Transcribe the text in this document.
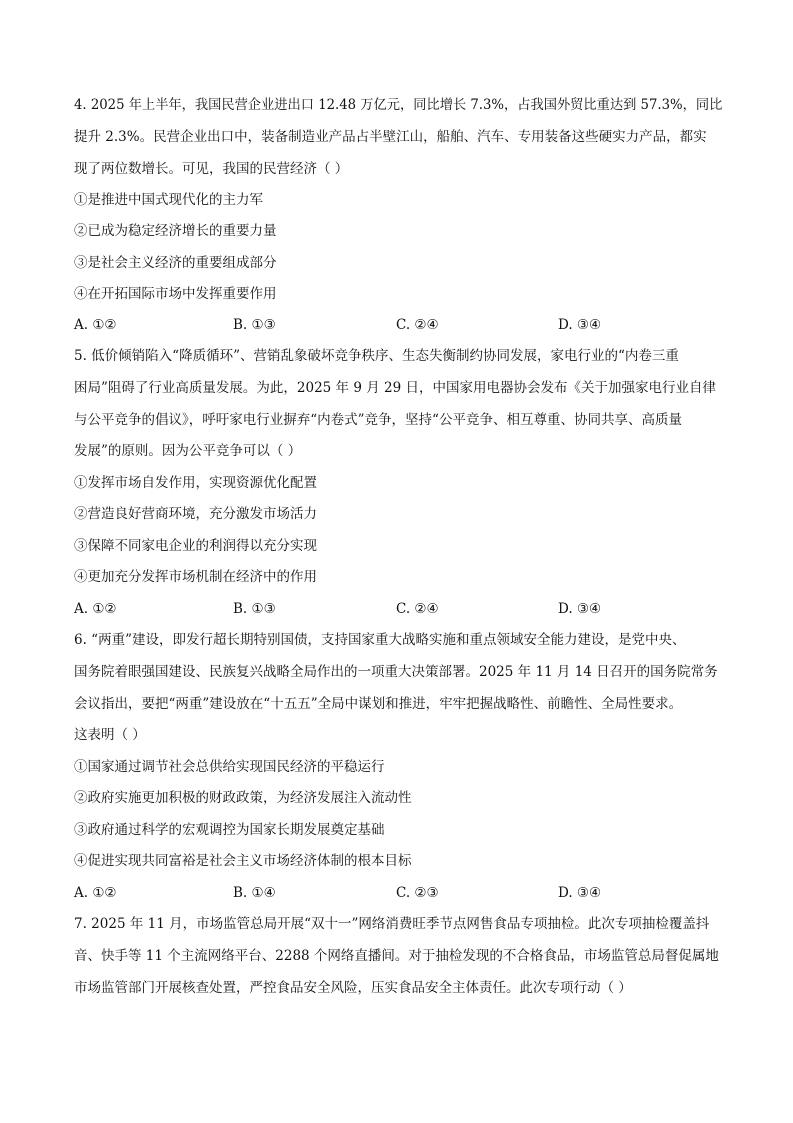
4. 2025 年上半年，我国民营企业进出口 12.48 万亿元，同比增长 7.3%，占我国外贸比重达到 57.3%，同比
提升 2.3%。民营企业出口中，装备制造业产品占半壁江山，船舶、汽车、专用装备这些硬实力产品，都实
现了两位数增长。可见，我国的民营经济（ ）
①是推进中国式现代化的主力军
②已成为稳定经济增长的重要力量
③是社会主义经济的重要组成部分
④在开拓国际市场中发挥重要作用
A. ①②	B. ①③	C. ②④	D. ③④
5. 低价倾销陷入“降质循环”、营销乱象破坏竞争秩序、生态失衡制约协同发展，家电行业的“内卷三重
困局”阻碍了行业高质量发展。为此，2025 年 9 月 29 日，中国家用电器协会发布《关于加强家电行业自律
与公平竞争的倡议》，呼吁家电行业摒弃“内卷式”竞争，坚持“公平竞争、相互尊重、协同共享、高质量
发展”的原则。因为公平竞争可以（ ）
①发挥市场自发作用，实现资源优化配置
②营造良好营商环境，充分激发市场活力
③保障不同家电企业的利润得以充分实现
④更加充分发挥市场机制在经济中的作用
A. ①②	B. ①③	C. ②④	D. ③④
6. “两重”建设，即发行超长期特别国债，支持国家重大战略实施和重点领域安全能力建设，是党中央、
国务院着眼强国建设、民族复兴战略全局作出的一项重大决策部署。2025 年 11 月 14 日召开的国务院常务
会议指出，要把“两重”建设放在“十五五”全局中谋划和推进，牢牢把握战略性、前瞻性、全局性要求。
这表明（ ）
①国家通过调节社会总供给实现国民经济的平稳运行
②政府实施更加积极的财政政策，为经济发展注入流动性
③政府通过科学的宏观调控为国家长期发展奠定基础
④促进实现共同富裕是社会主义市场经济体制的根本目标
A. ①②	B. ①④	C. ②③	D. ③④
7. 2025 年 11 月，市场监管总局开展“双十一”网络消费旺季节点网售食品专项抽检。此次专项抽检覆盖抖
音、快手等 11 个主流网络平台、2288 个网络直播间。对于抽检发现的不合格食品，市场监管总局督促属地
市场监管部门开展核查处置，严控食品安全风险，压实食品安全主体责任。此次专项行动（ ）
